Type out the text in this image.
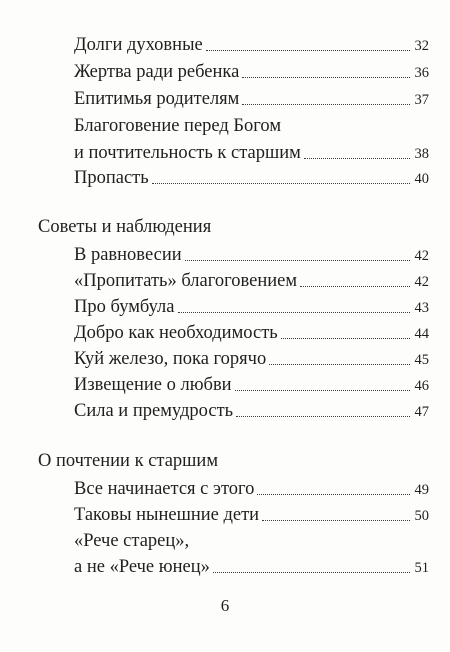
Долги духовные	32
Жертва ради ребенка	36
Епитимья родителям	37
Благоговение перед Богом
и почтительность к старшим	38
Пропасть	40
Советы и наблюдения
В равновесии	42
«Пропитать» благоговением	42
Про бумбула	43
Добро как необходимость	44
Куй железо, пока горячо	45
Извещение о любви	46
Сила и премудрость	47
О почтении к старшим
Все начинается с этого	49
Таковы нынешние дети	50
«Рече старец»,
а не «Рече юнец»	51
6
